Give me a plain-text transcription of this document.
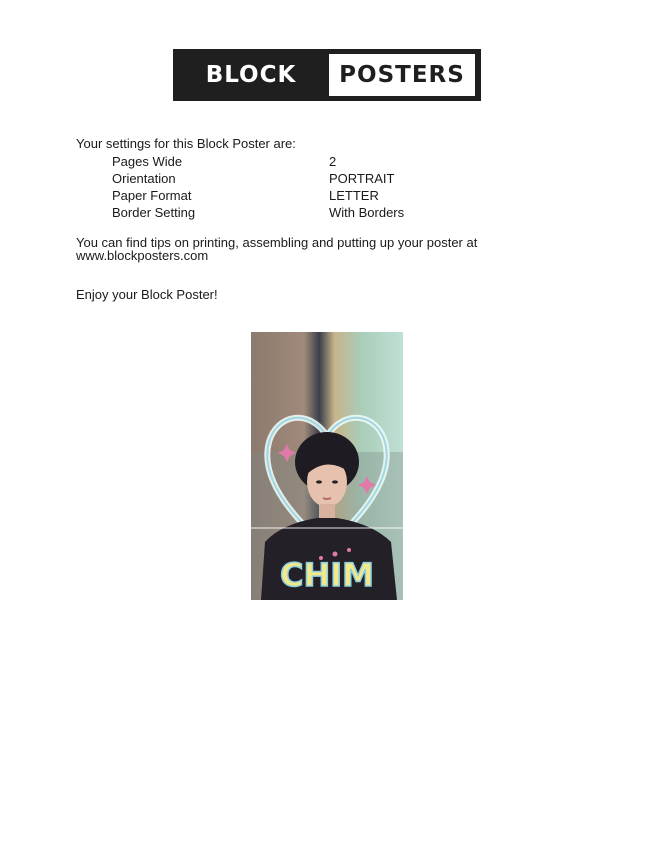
BLOCK	POSTERS
Your settings for this Block Poster are:
Pages Wide	2
Orientation	PORTRAIT
Paper Format	LETTER
Border Setting	With Borders
You can find tips on printing, assembling and putting up your poster at
www.blockposters.com
Enjoy your Block Poster!
CHIM
